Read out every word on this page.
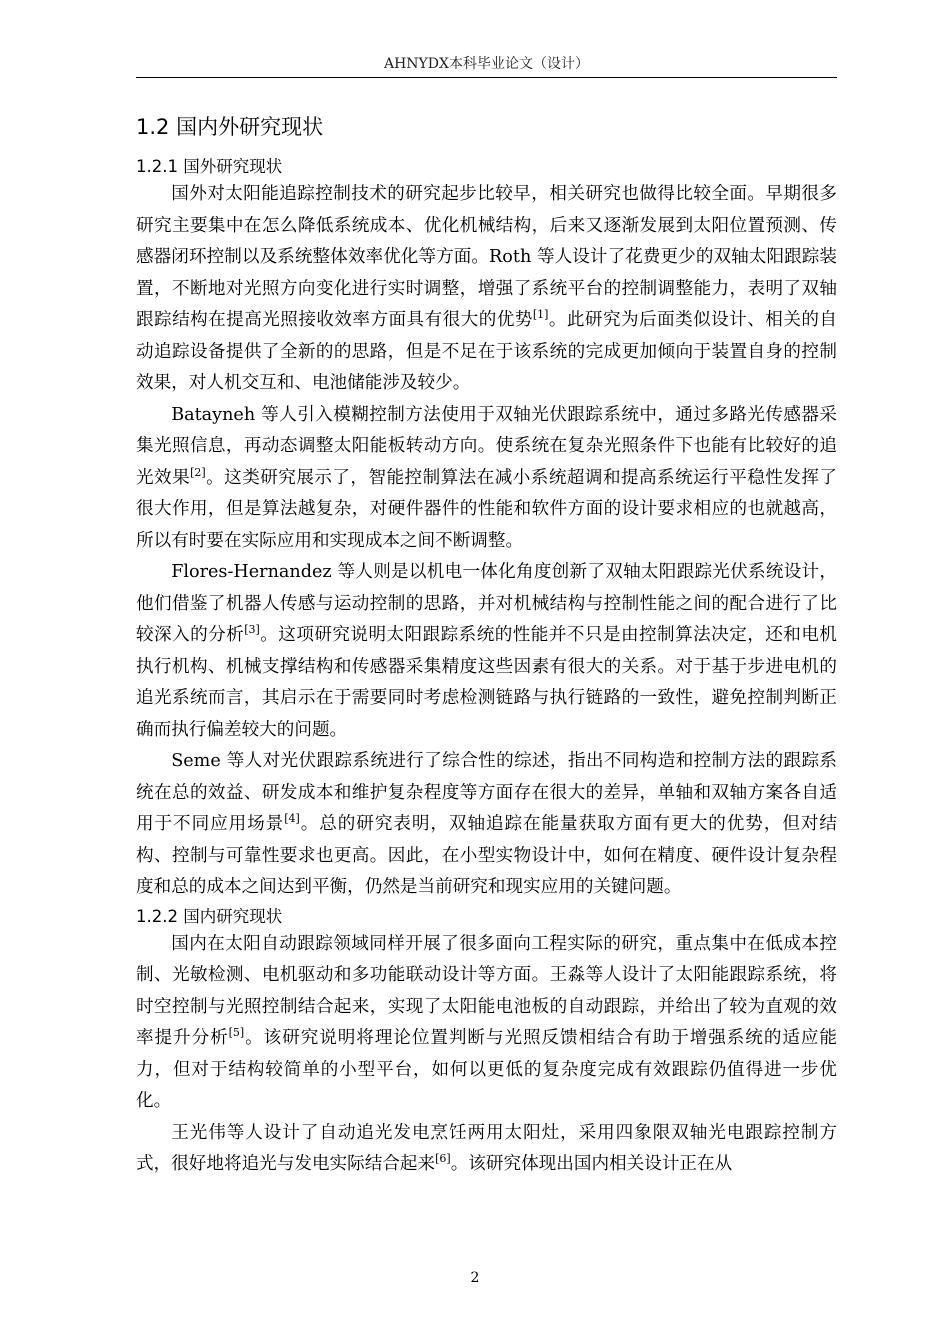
AHNYDX本科毕业论文（设计）
1.2 国内外研究现状
1.2.1 国外研究现状

国外对太阳能追踪控制技术的研究起步比较早，相关研究也做得比较全面。早期很多研究主要集中在怎么降低系统成本、优化机械结构，后来又逐渐发展到太阳位置预测、传感器闭环控制以及系统整体效率优化等方面。Roth 等人设计了花费更少的双轴太阳跟踪装置，不断地对光照方向变化进行实时调整，增强了系统平台的控制调整能力，表明了双轴跟踪结构在提高光照接收效率方面具有很大的优势[1]。此研究为后面类似设计、相关的自动追踪设备提供了全新的的思路，但是不足在于该系统的完成更加倾向于装置自身的控制效果，对人机交互和、电池储能涉及较少。

Batayneh 等人引入模糊控制方法使用于双轴光伏跟踪系统中，通过多路光传感器采集光照信息，再动态调整太阳能板转动方向。使系统在复杂光照条件下也能有比较好的追光效果[2]。这类研究展示了，智能控制算法在减小系统超调和提高系统运行平稳性发挥了很大作用，但是算法越复杂，对硬件器件的性能和软件方面的设计要求相应的也就越高，所以有时要在实际应用和实现成本之间不断调整。

Flores-Hernandez 等人则是以机电一体化角度创新了双轴太阳跟踪光伏系统设计，他们借鉴了机器人传感与运动控制的思路，并对机械结构与控制性能之间的配合进行了比较深入的分析[3]。这项研究说明太阳跟踪系统的性能并不只是由控制算法决定，还和电机执行机构、机械支撑结构和传感器采集精度这些因素有很大的关系。对于基于步进电机的追光系统而言，其启示在于需要同时考虑检测链路与执行链路的一致性，避免控制判断正确而执行偏差较大的问题。

Seme 等人对光伏跟踪系统进行了综合性的综述，指出不同构造和控制方法的跟踪系统在总的效益、研发成本和维护复杂程度等方面存在很大的差异，单轴和双轴方案各自适用于不同应用场景[4]。总的研究表明，双轴追踪在能量获取方面有更大的优势，但对结构、控制与可靠性要求也更高。因此，在小型实物设计中，如何在精度、硬件设计复杂程度和总的成本之间达到平衡，仍然是当前研究和现实应用的关键问题。

1.2.2 国内研究现状

国内在太阳自动跟踪领域同样开展了很多面向工程实际的研究，重点集中在低成本控制、光敏检测、电机驱动和多功能联动设计等方面。王淼等人设计了太阳能跟踪系统，将时空控制与光照控制结合起来，实现了太阳能电池板的自动跟踪，并给出了较为直观的效率提升分析[5]。该研究说明将理论位置判断与光照反馈相结合有助于增强系统的适应能力，但对于结构较简单的小型平台，如何以更低的复杂度完成有效跟踪仍值得进一步优化。

王光伟等人设计了自动追光发电烹饪两用太阳灶，采用四象限双轴光电跟踪控制方式，很好地将追光与发电实际结合起来[6]。该研究体现出国内相关设计正在从

2
